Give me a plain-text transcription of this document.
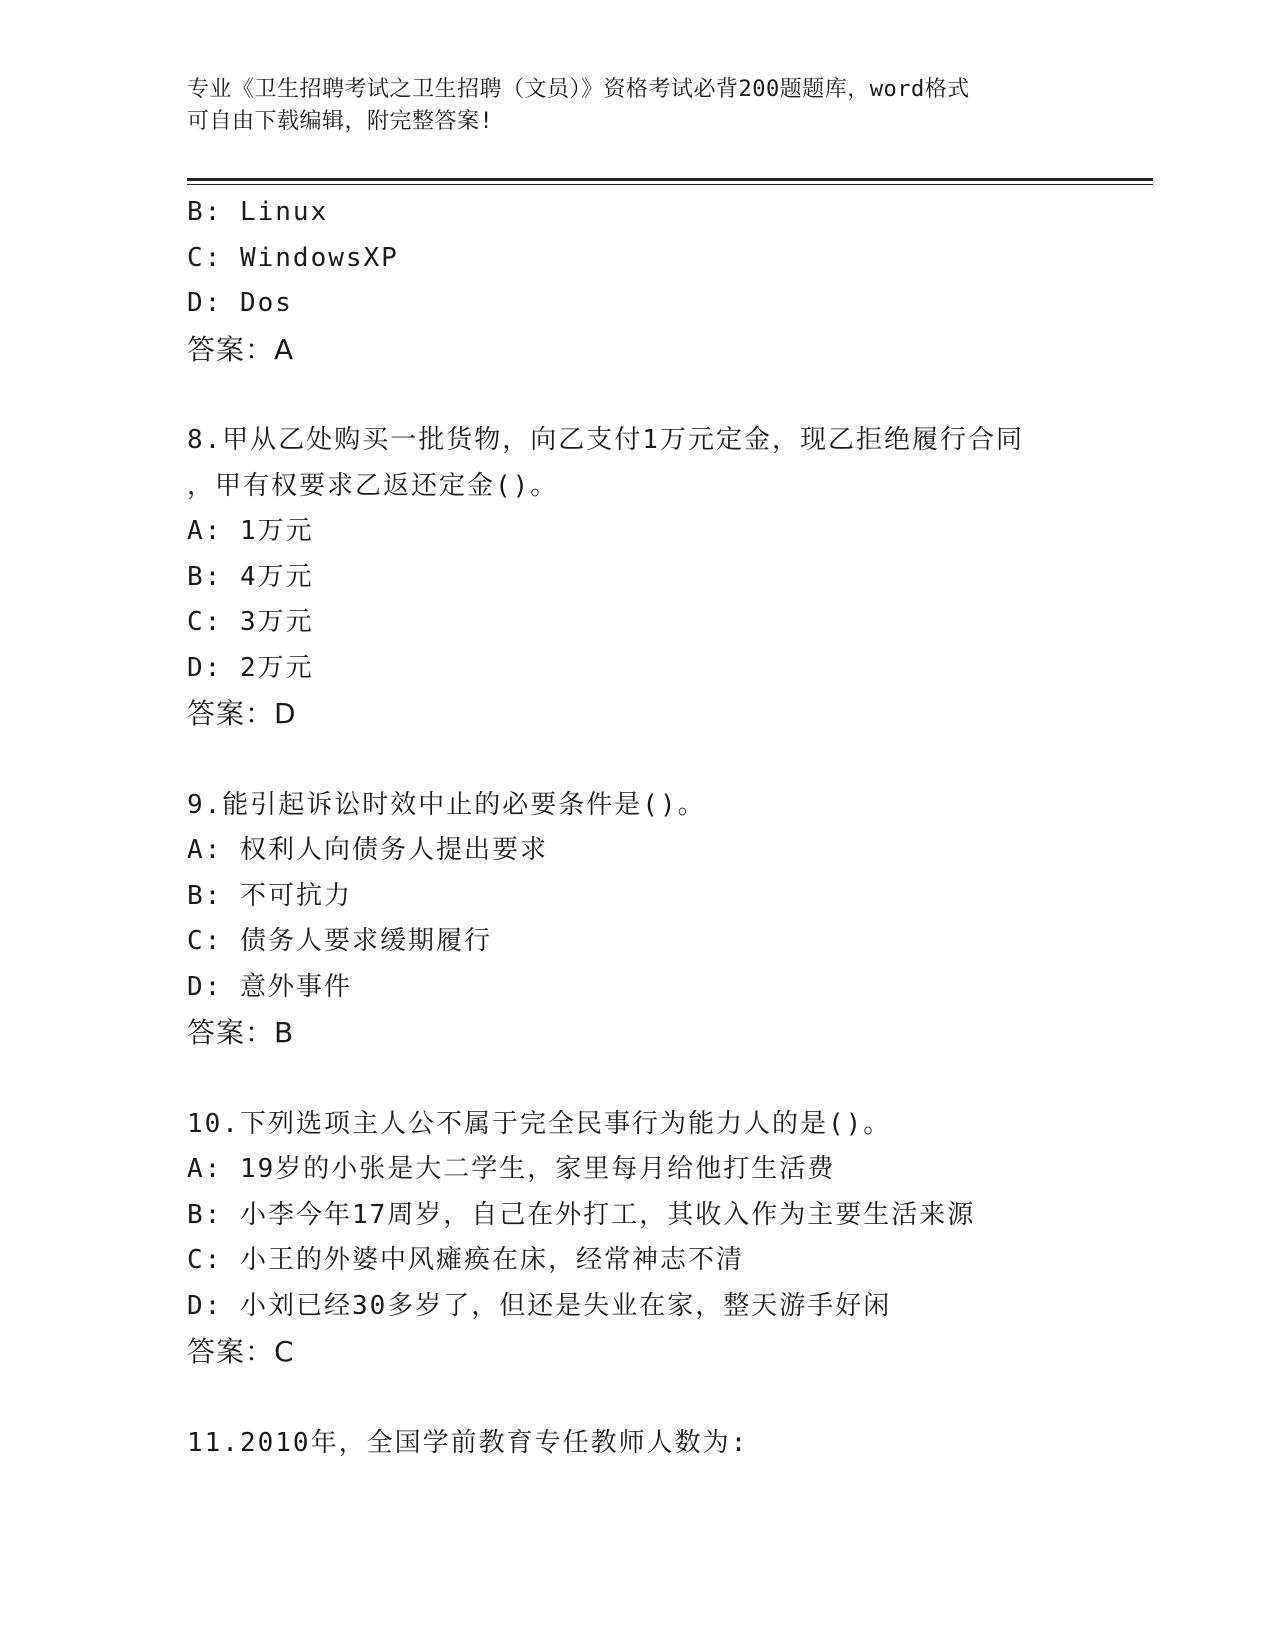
专业《卫生招聘考试之卫生招聘（文员）》资格考试必背200题题库，word格式
可自由下载编辑，附完整答案!
B: Linux
C: WindowsXP
D: Dos
答案：A
8.甲从乙处购买一批货物，向乙支付1万元定金，现乙拒绝履行合同
，甲有权要求乙返还定金()。
A: 1万元
B: 4万元
C: 3万元
D: 2万元
答案：D
9.能引起诉讼时效中止的必要条件是()。
A: 权利人向债务人提出要求
B: 不可抗力
C: 债务人要求缓期履行
D: 意外事件
答案：B
10.下列选项主人公不属于完全民事行为能力人的是()。
A: 19岁的小张是大二学生，家里每月给他打生活费
B: 小李今年17周岁，自己在外打工，其收入作为主要生活来源
C: 小王的外婆中风瘫痪在床，经常神志不清
D: 小刘已经30多岁了，但还是失业在家，整天游手好闲
答案：C
11.2010年，全国学前教育专任教师人数为:
